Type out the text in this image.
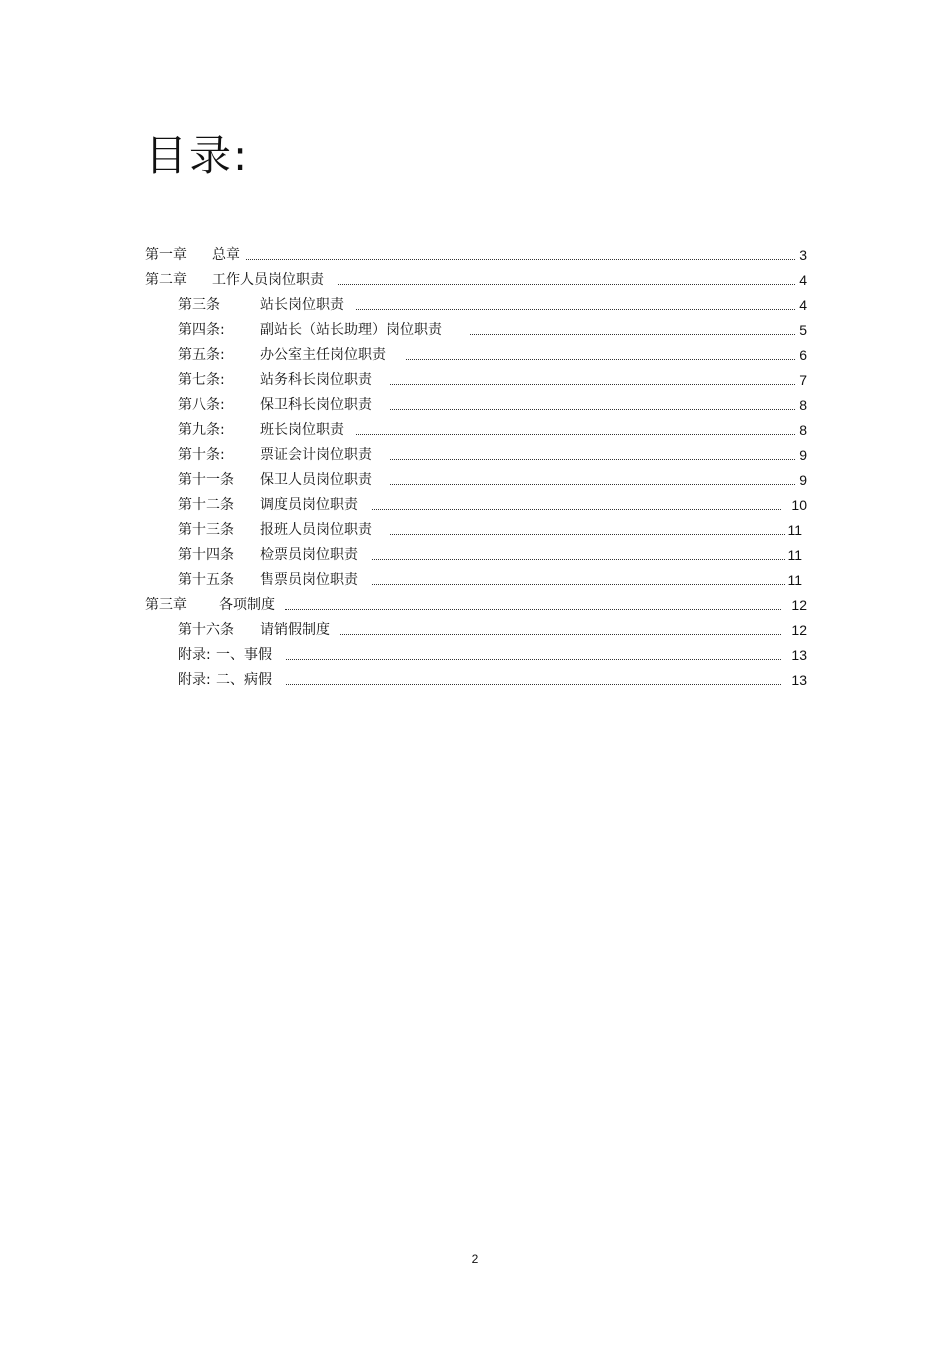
目录:
第一章	总章	3
第二章	工作人员岗位职责	4
第三条	站长岗位职责	4
第四条:	副站长（站长助理）岗位职责	5
第五条:	办公室主任岗位职责	6
第七条:	站务科长岗位职责	7
第八条:	保卫科长岗位职责	8
第九条:	班长岗位职责	8
第十条:	票证会计岗位职责	9
第十一条	保卫人员岗位职责	9
第十二条	调度员岗位职责	10
第十三条	报班人员岗位职责	11
第十四条	检票员岗位职责	11
第十五条	售票员岗位职责	11
第三章	各项制度	12
第十六条	请销假制度	12
附录: 一、事假	13
附录: 二、病假	13
2
